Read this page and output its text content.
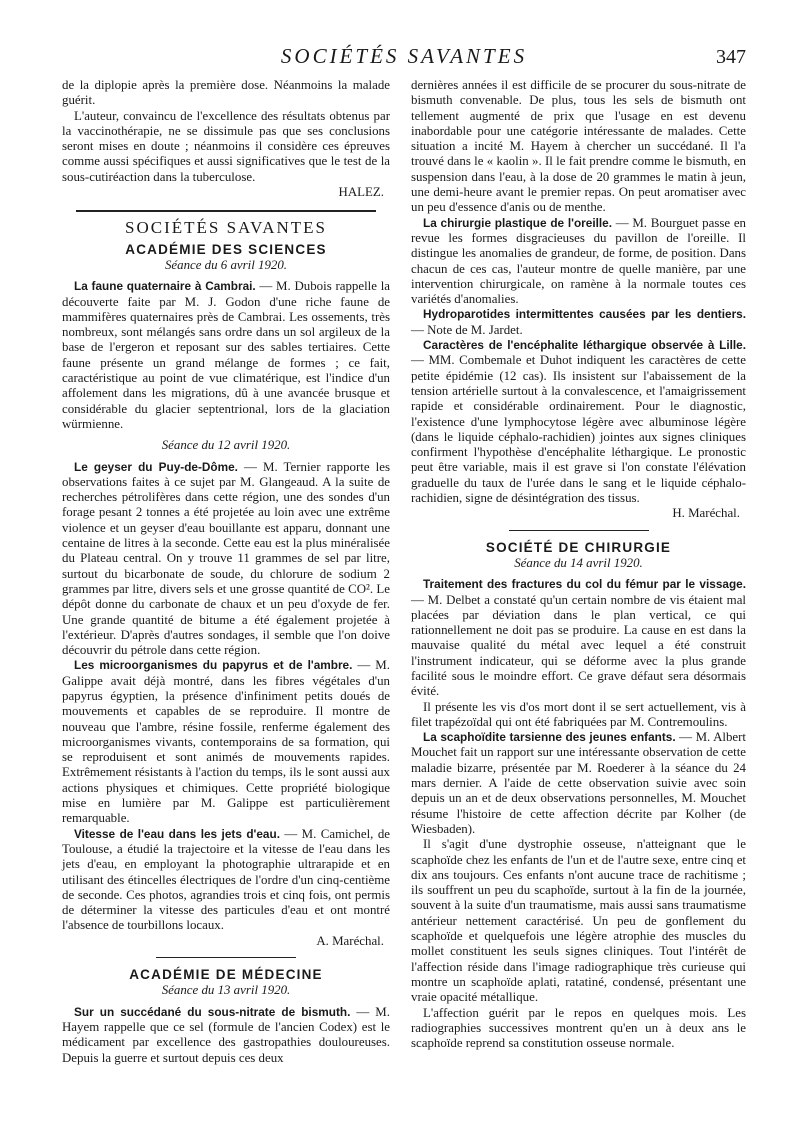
SOCIÉTÉS SAVANTES	347

de la diplopie après la première dose. Néanmoins la malade guérit.

L'auteur, convaincu de l'excellence des résultats obtenus par la vaccinothérapie, ne se dissimule pas que ses conclusions seront mises en doute ; néanmoins il considère ces épreuves comme aussi spécifiques et aussi significatives que le test de la sous-cutiréaction dans la tuberculose.

HALEZ.

SOCIÉTÉS SAVANTES
ACADÉMIE DES SCIENCES
Séance du 6 avril 1920.

La faune quaternaire à Cambrai. — M. Dubois rappelle la découverte faite par M. J. Godon d'une riche faune de mammifères quaternaires près de Cambrai. Les ossements, très nombreux, sont mélangés sans ordre dans un sol argileux de la base de l'ergeron et reposant sur des sables tertiaires. Cette faune présente un grand mélange de formes ; ce fait, caractéristique au point de vue climatérique, est l'indice d'un affolement dans les migrations, dû à une avancée brusque et considérable du glacier septentrional, lors de la glaciation würmienne.

Séance du 12 avril 1920.

Le geyser du Puy-de-Dôme. — M. Ternier rapporte les observations faites à ce sujet par M. Glangeaud. A la suite de recherches pétrolifères dans cette région, une des sondes d'un forage pesant 2 tonnes a été projetée au loin avec une extrême violence et un geyser d'eau bouillante est apparu, donnant une centaine de litres à la seconde. Cette eau est la plus minéralisée du Plateau central. On y trouve 11 grammes de sel par litre, surtout du bicarbonate de soude, du chlorure de sodium 2 grammes par litre, divers sels et une grosse quantité de CO². Le dépôt donne du carbonate de chaux et un peu d'oxyde de fer. Une grande quantité de bitume a été également projetée à l'extérieur. D'après d'autres sondages, il semble que l'on doive découvrir du pétrole dans cette région.

Les microorganismes du papyrus et de l'ambre. — M. Galippe avait déjà montré, dans les fibres végétales d'un papyrus égyptien, la présence d'infiniment petits doués de mouvements et capables de se reproduire. Il montre de nouveau que l'ambre, résine fossile, renferme également des microorganismes vivants, contemporains de sa formation, qui se reproduisent et sont animés de mouvements rapides. Extrêmement résistants à l'action du temps, ils le sont aussi aux actions physiques et chimiques. Cette propriété biologique mise en lumière par M. Galippe est particulièrement remarquable.

Vitesse de l'eau dans les jets d'eau. — M. Camichel, de Toulouse, a étudié la trajectoire et la vitesse de l'eau dans les jets d'eau, en employant la photographie ultrarapide et en utilisant des étincelles électriques de l'ordre d'un cinq-centième de seconde. Ces photos, agrandies trois et cinq fois, ont permis de déterminer la vitesse des particules d'eau et ont montré l'absence de tourbillons locaux.

A. Maréchal.

ACADÉMIE DE MÉDECINE
Séance du 13 avril 1920.

Sur un succédané du sous-nitrate de bismuth. — M. Hayem rappelle que ce sel (formule de l'ancien Codex) est le médicament par excellence des gastropathies douloureuses. Depuis la guerre et surtout depuis ces deux

dernières années il est difficile de se procurer du sous-nitrate de bismuth convenable. De plus, tous les sels de bismuth ont tellement augmenté de prix que l'usage en est devenu inabordable pour une catégorie intéressante de malades. Cette situation a incité M. Hayem à chercher un succédané. Il l'a trouvé dans le « kaolin ». Il le fait prendre comme le bismuth, en suspension dans l'eau, à la dose de 20 grammes le matin à jeun, une demi-heure avant le premier repas. On peut aromatiser avec un peu d'essence d'anis ou de menthe.

La chirurgie plastique de l'oreille. — M. Bourguet passe en revue les formes disgracieuses du pavillon de l'oreille. Il distingue les anomalies de grandeur, de forme, de position. Dans chacun de ces cas, l'auteur montre de quelle manière, par une intervention chirurgicale, on ramène à la normale toutes ces variétés d'anomalies.

Hydroparotides intermittentes causées par les dentiers. — Note de M. Jardet.

Caractères de l'encéphalite léthargique observée à Lille. — MM. Combemale et Duhot indiquent les caractères de cette petite épidémie (12 cas). Ils insistent sur l'abaissement de la tension artérielle surtout à la convalescence, et l'amaigrissement rapide et considérable ordinairement. Pour le diagnostic, l'existence d'une lymphocytose légère avec albuminose légère (dans le liquide céphalo-rachidien) jointes aux signes cliniques confirment l'hypothèse d'encéphalite léthargique. Le pronostic peut être variable, mais il est grave si l'on constate l'élévation graduelle du taux de l'urée dans le sang et le liquide céphalo-rachidien, signe de désintégration des tissus.

H. Maréchal.

SOCIÉTÉ DE CHIRURGIE
Séance du 14 avril 1920.

Traitement des fractures du col du fémur par le vissage. — M. Delbet a constaté qu'un certain nombre de vis étaient mal placées par déviation dans le plan vertical, ce qui rationnellement ne doit pas se produire. La cause en est dans la mauvaise qualité du métal avec lequel a été construit l'instrument indicateur, qui se déforme avec la plus grande facilité sous le moindre effort. Ce grave défaut sera désormais évité.

Il présente les vis d'os mort dont il se sert actuellement, vis à filet trapézoïdal qui ont été fabriquées par M. Contremoulins.

La scaphoïdite tarsienne des jeunes enfants. — M. Albert Mouchet fait un rapport sur une intéressante observation de cette maladie bizarre, présentée par M. Roederer à la séance du 24 mars dernier. A l'aide de cette observation suivie avec soin depuis un an et de deux observations personnelles, M. Mouchet résume l'histoire de cette affection décrite par Kolher (de Wiesbaden).

Il s'agit d'une dystrophie osseuse, n'atteignant que le scaphoïde chez les enfants de l'un et de l'autre sexe, entre cinq et dix ans toujours. Ces enfants n'ont aucune trace de rachitisme ; ils souffrent un peu du scaphoïde, surtout à la fin de la journée, souvent à la suite d'un traumatisme, mais aussi sans traumatisme antérieur nettement caractérisé. Un peu de gonflement du scaphoïde et quelquefois une légère atrophie des muscles du mollet constituent les seuls signes cliniques. Tout l'intérêt de l'affection réside dans l'image radiographique très curieuse qui montre un scaphoïde aplati, ratatiné, condensé, présentant une vraie opacité métallique.

L'affection guérit par le repos en quelques mois. Les radiographies successives montrent qu'en un à deux ans le scaphoïde reprend sa constitution osseuse normale.
